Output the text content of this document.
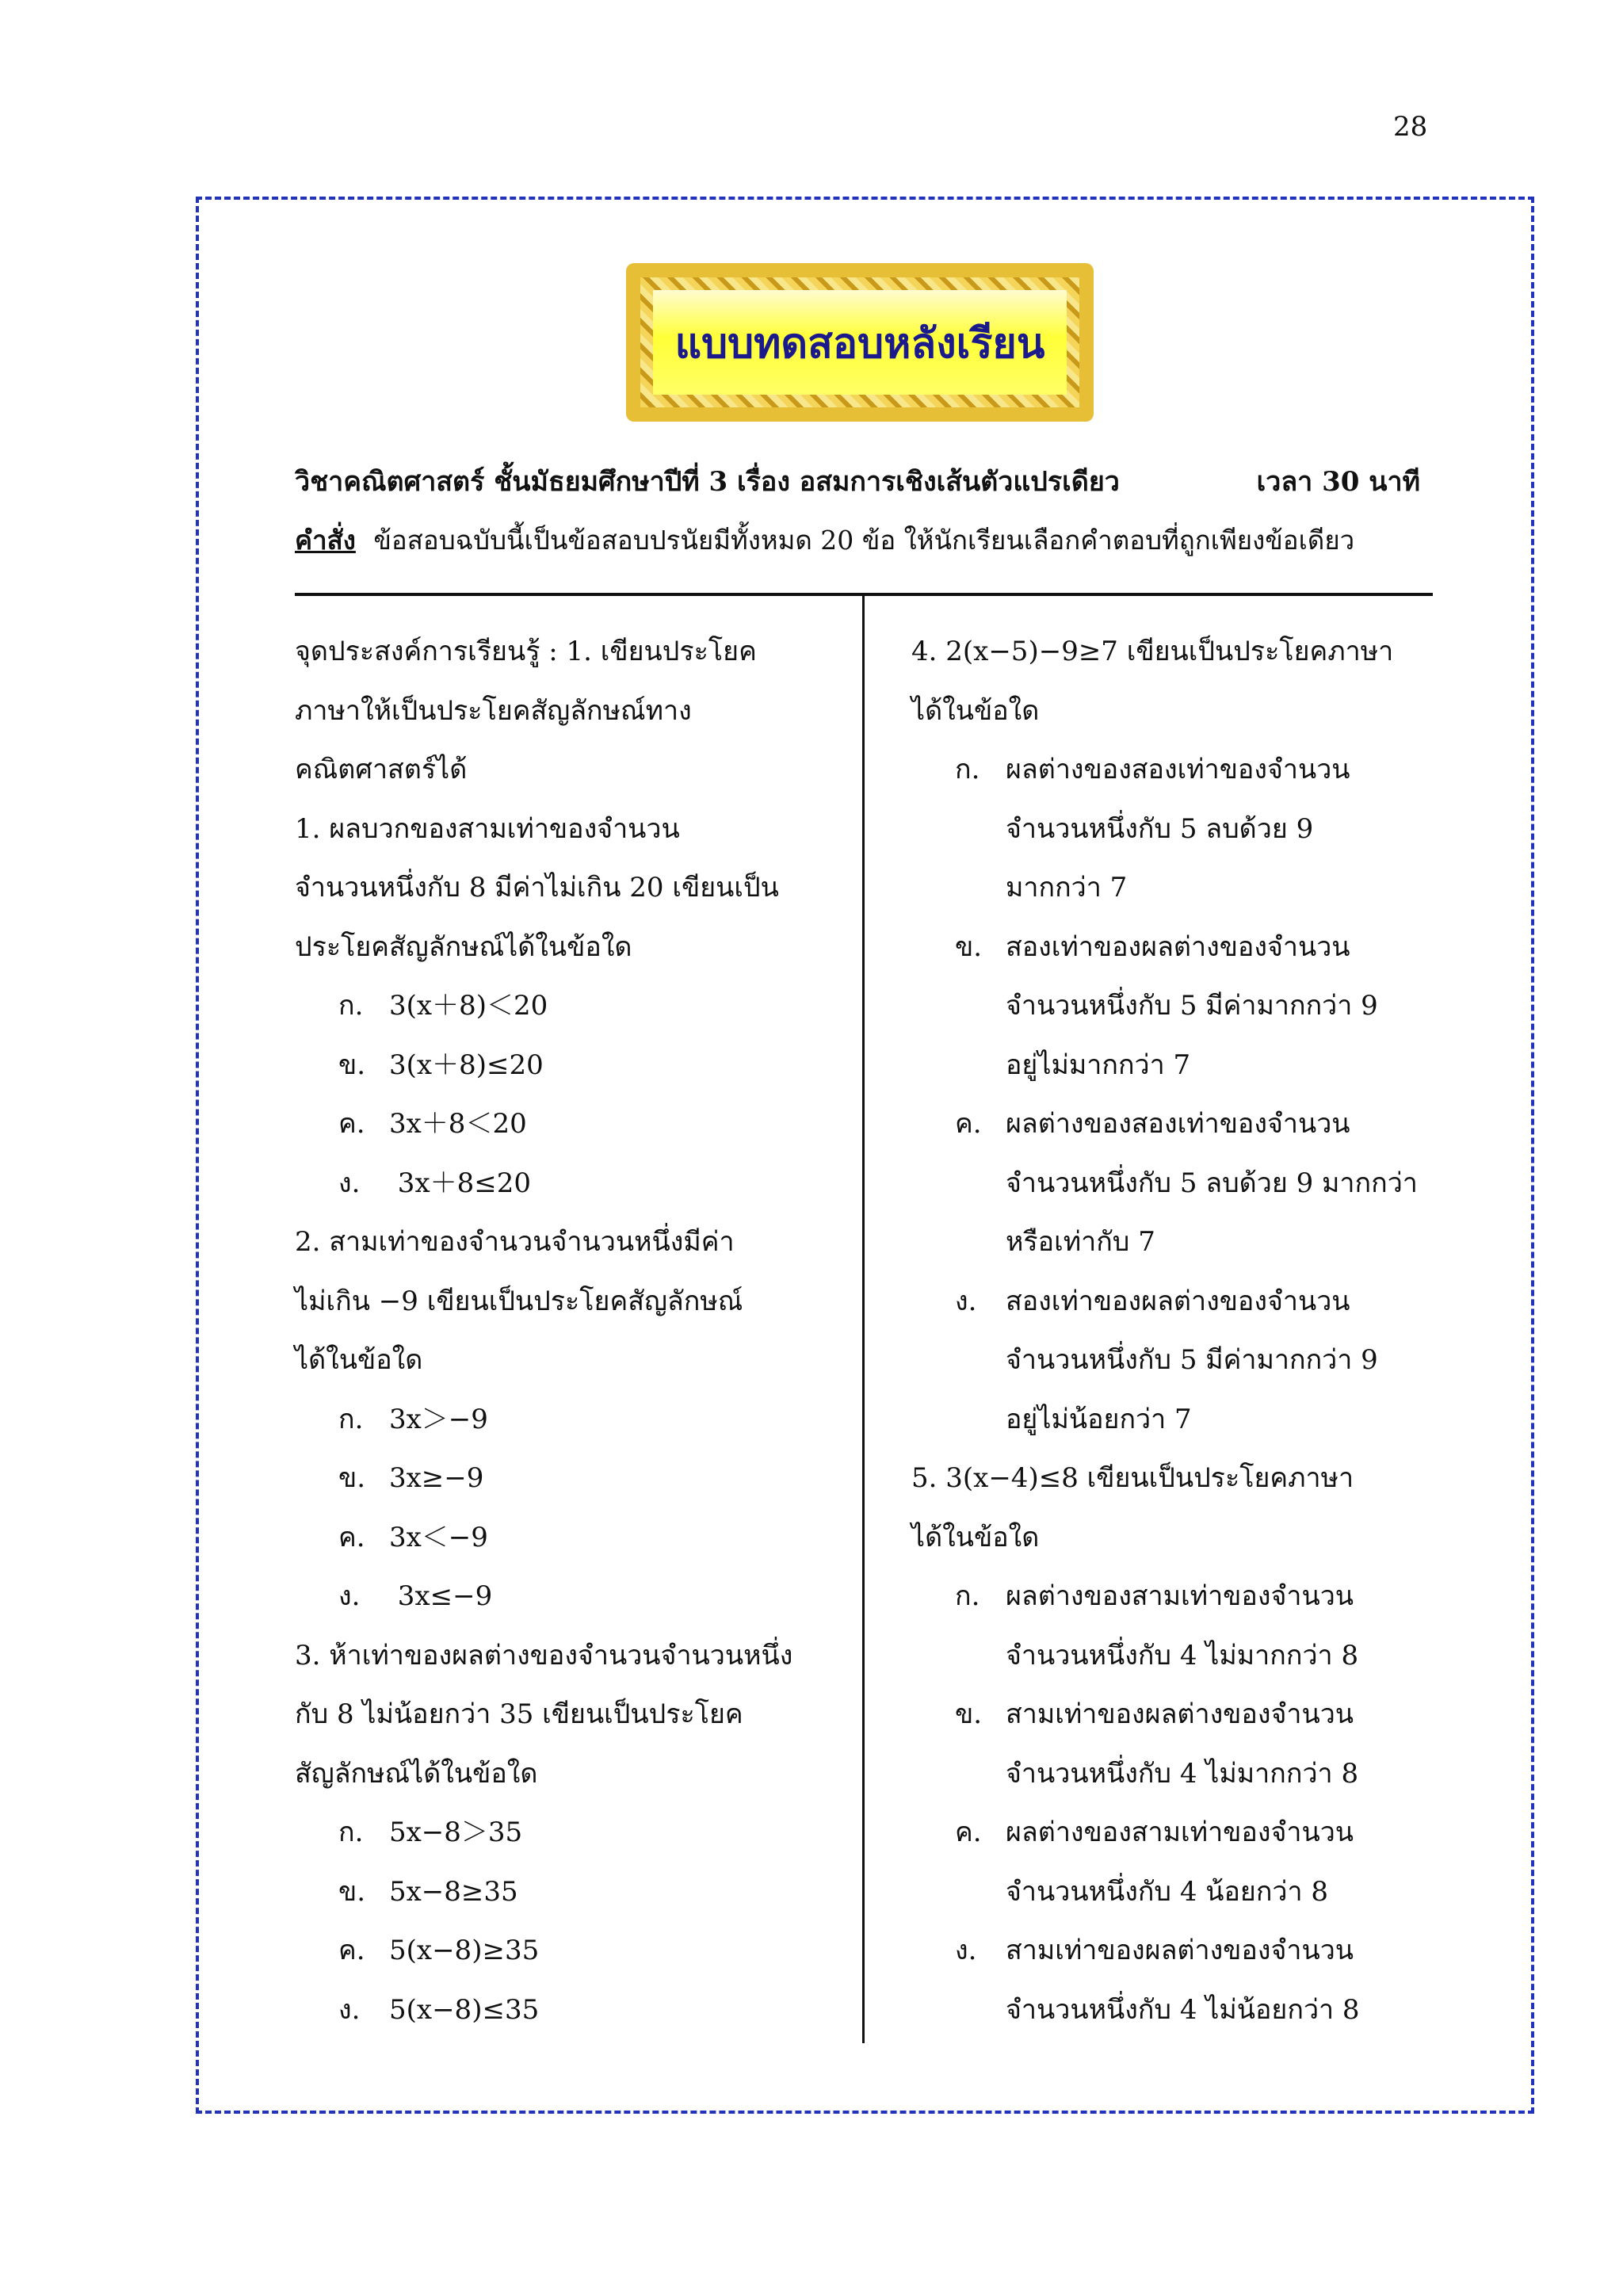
28
แบบทดสอบหลังเรียน
วิชาคณิตศาสตร์ ชั้นมัธยมศึกษาปีที่ 3 เรื่อง อสมการเชิงเส้นตัวแปรเดียว	เวลา 30 นาที
คำสั่ง ข้อสอบฉบับนี้เป็นข้อสอบปรนัยมีทั้งหมด 20 ข้อ ให้นักเรียนเลือกคำตอบที่ถูกเพียงข้อเดียว
จุดประสงค์การเรียนรู้ : 1. เขียนประโยค
ภาษาให้เป็นประโยคสัญลักษณ์ทาง
คณิตศาสตร์ได้
1. ผลบวกของสามเท่าของจำนวน
จำนวนหนึ่งกับ 8 มีค่าไม่เกิน 20 เขียนเป็น
ประโยคสัญลักษณ์ได้ในข้อใด
ก. 3(x＋8)＜20
ข. 3(x＋8)≤20
ค. 3x＋8＜20
ง. 3x＋8≤20
2. สามเท่าของจำนวนจำนวนหนึ่งมีค่า
ไม่เกิน −9 เขียนเป็นประโยคสัญลักษณ์
ได้ในข้อใด
ก. 3x＞−9
ข. 3x≥−9
ค. 3x＜−9
ง. 3x≤−9
3. ห้าเท่าของผลต่างของจำนวนจำนวนหนึ่ง
กับ 8 ไม่น้อยกว่า 35 เขียนเป็นประโยค
สัญลักษณ์ได้ในข้อใด
ก. 5x−8＞35
ข. 5x−8≥35
ค. 5(x−8)≥35
ง. 5(x−8)≤35
4. 2(x−5)−9≥7 เขียนเป็นประโยคภาษา
ได้ในข้อใด
ก. ผลต่างของสองเท่าของจำนวน
จำนวนหนึ่งกับ 5 ลบด้วย 9
มากกว่า 7
ข. สองเท่าของผลต่างของจำนวน
จำนวนหนึ่งกับ 5 มีค่ามากกว่า 9
อยู่ไม่มากกว่า 7
ค. ผลต่างของสองเท่าของจำนวน
จำนวนหนึ่งกับ 5 ลบด้วย 9 มากกว่า
หรือเท่ากับ 7
ง. สองเท่าของผลต่างของจำนวน
จำนวนหนึ่งกับ 5 มีค่ามากกว่า 9
อยู่ไม่น้อยกว่า 7
5. 3(x−4)≤8 เขียนเป็นประโยคภาษา
ได้ในข้อใด
ก. ผลต่างของสามเท่าของจำนวน
จำนวนหนึ่งกับ 4 ไม่มากกว่า 8
ข. สามเท่าของผลต่างของจำนวน
จำนวนหนึ่งกับ 4 ไม่มากกว่า 8
ค. ผลต่างของสามเท่าของจำนวน
จำนวนหนึ่งกับ 4 น้อยกว่า 8
ง. สามเท่าของผลต่างของจำนวน
จำนวนหนึ่งกับ 4 ไม่น้อยกว่า 8
